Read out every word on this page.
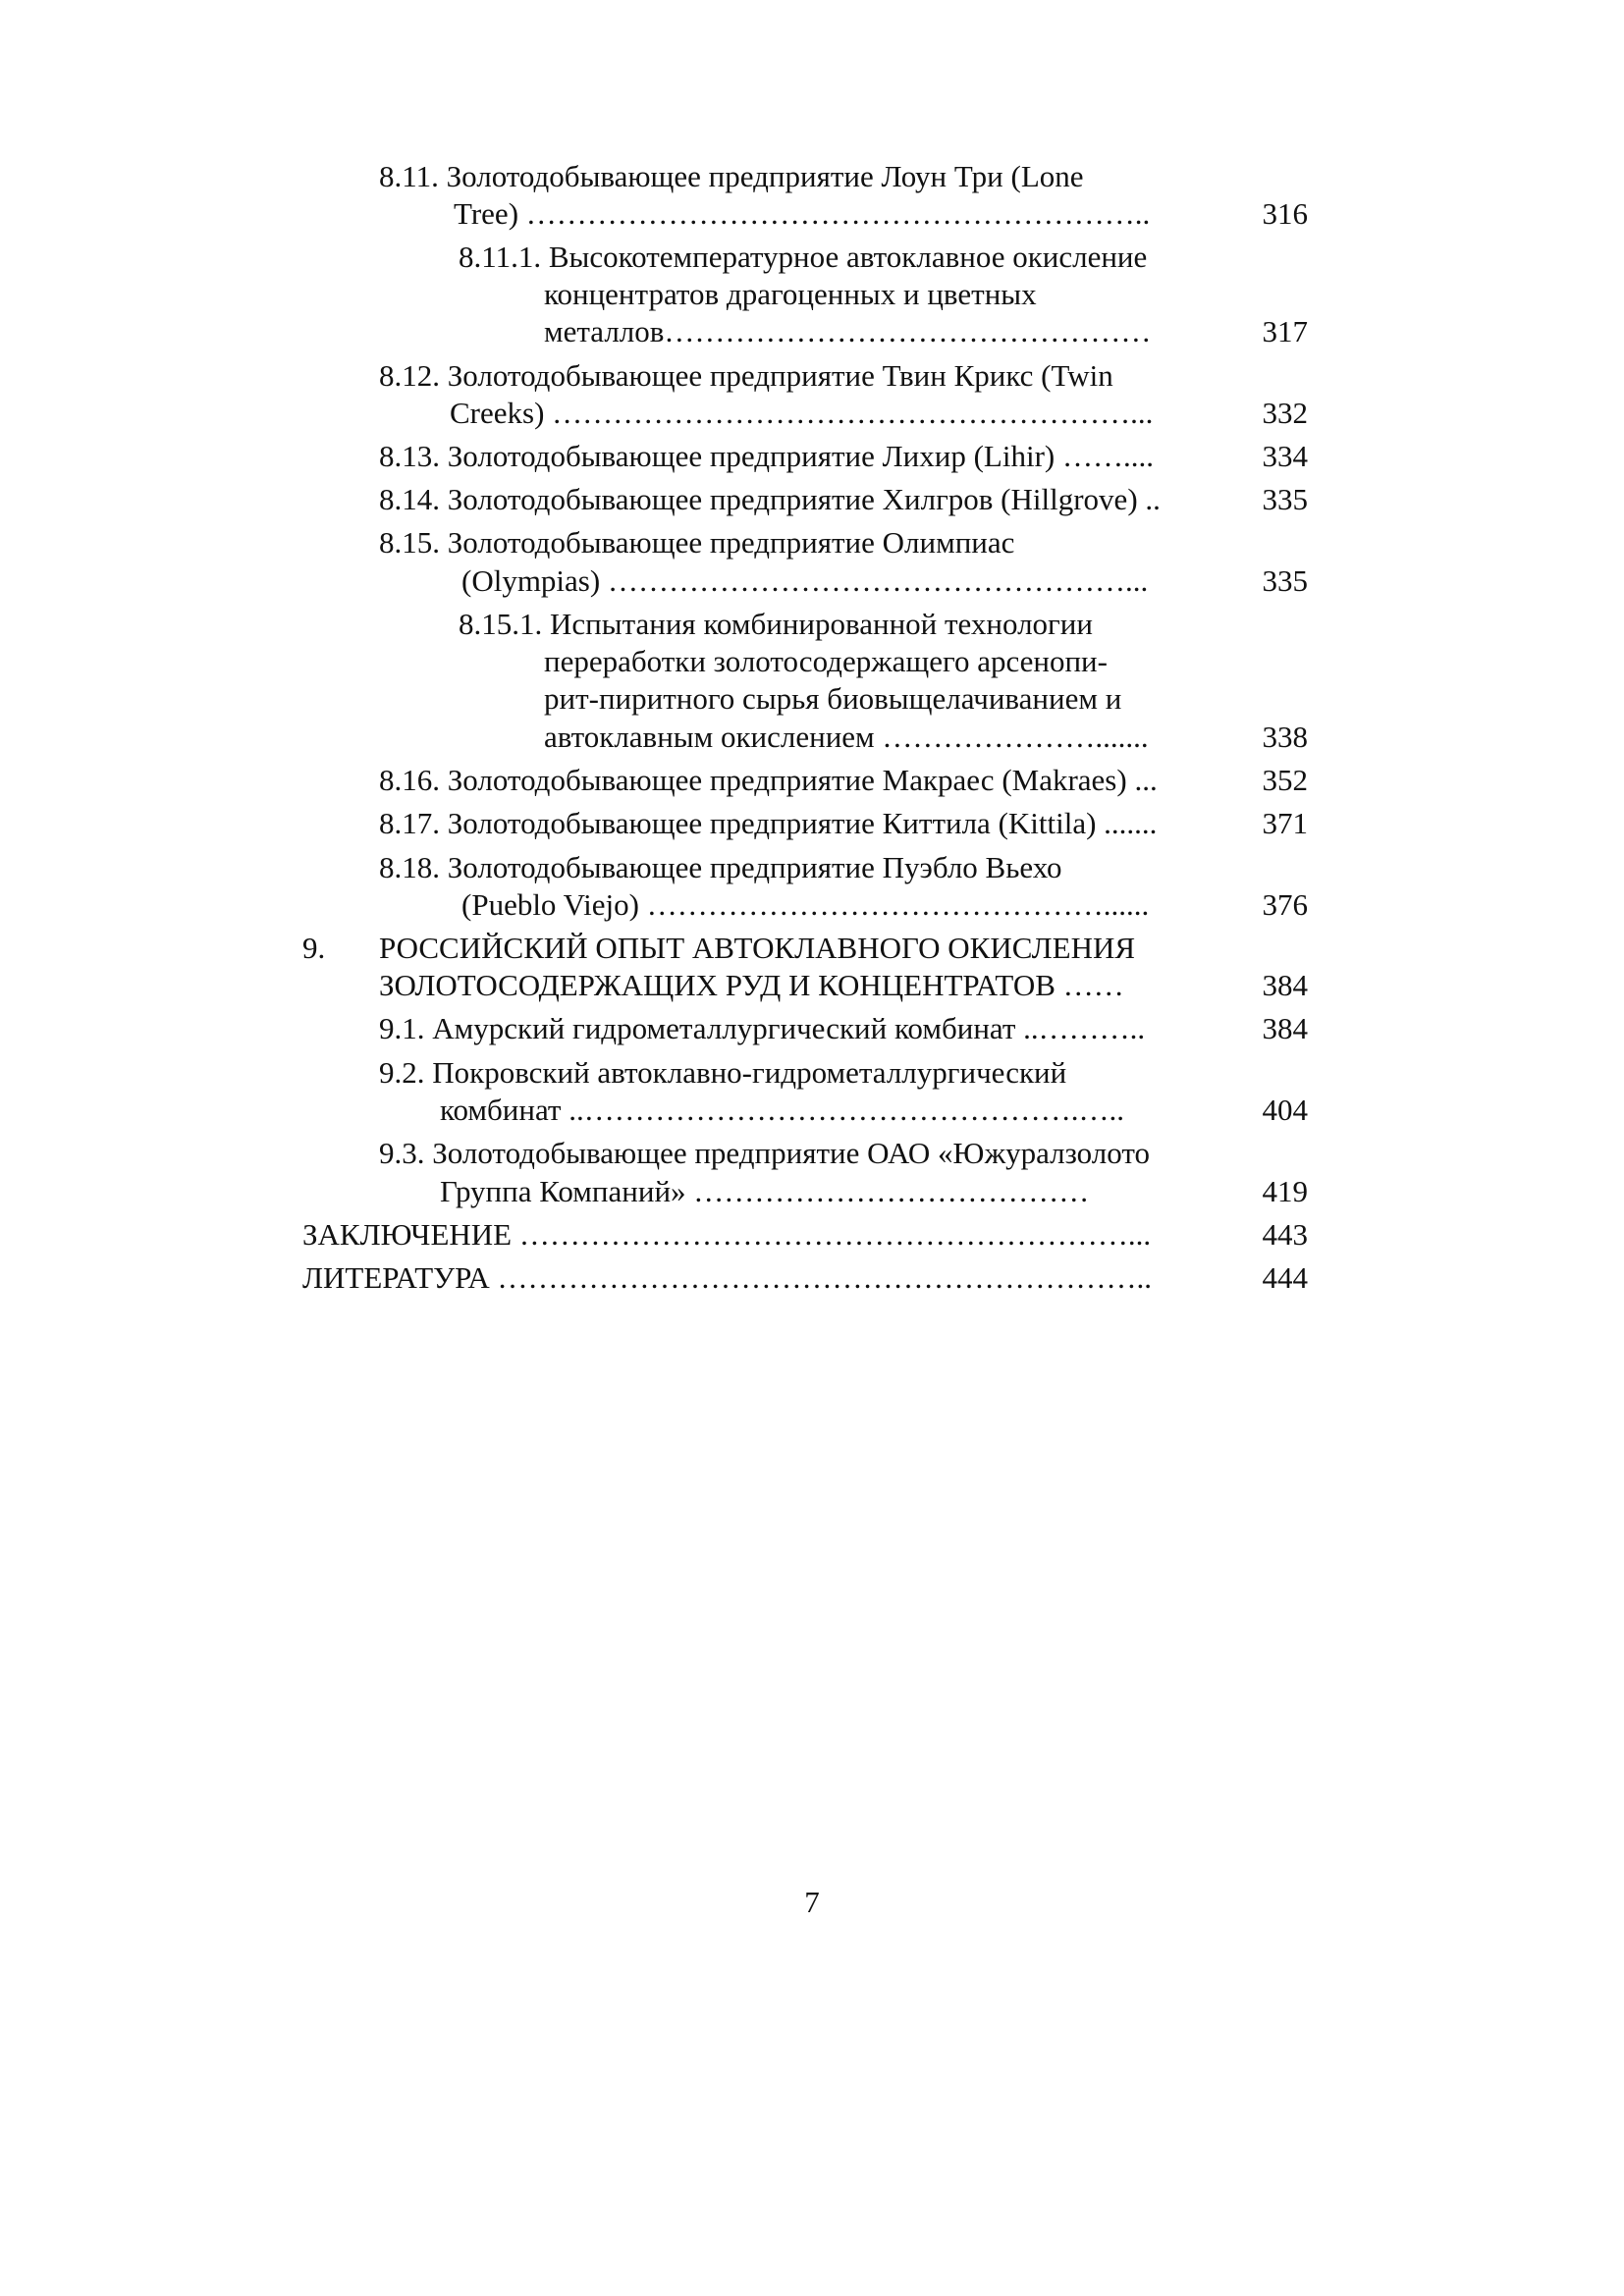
8.11. Золотодобывающее предприятие Лоун Три (Lone
Tree) ……………………………………………………..	316
8.11.1. Высокотемпературное автоклавное окисление
концентратов драгоценных и цветных
металлов…………………………………………	317
8.12. Золотодобывающее предприятие Твин Крикс (Twin
Creeks) …………………………………………………...	332
8.13. Золотодобывающее предприятие Лихир (Lihir) ……....	334
8.14. Золотодобывающее предприятие Хилгров (Hillgrove) ..	335
8.15. Золотодобывающее предприятие Олимпиас
(Olympias) ……………………………………………...	335
8.15.1. Испытания комбинированной технологии
переработки золотосодержащего арсенопи-
рит-пиритного сырья биовыщелачиванием и
автоклавным окислением ………………….......	338
8.16. Золотодобывающее предприятие Макраес (Makraes) ...	352
8.17. Золотодобывающее предприятие Киттила (Kittila) .......	371
8.18. Золотодобывающее предприятие Пуэбло Вьехо
(Pueblo Viejo) ………………………………………......	376
9. РОССИЙСКИЙ ОПЫТ АВТОКЛАВНОГО ОКИСЛЕНИЯ
ЗОЛОТОСОДЕРЖАЩИХ РУД И КОНЦЕНТРАТОВ ……	384
9.1. Амурский гидрометаллургический комбинат ..………..	384
9.2. Покровский автоклавно-гидрометаллургический
комбинат ..………………………………………….…..	404
9.3. Золотодобывающее предприятие ОАО «Южуралзолото
Группа Компаний» …………………………………	419
ЗАКЛЮЧЕНИЕ ……………………………………………………...	443
ЛИТЕРАТУРА ………………………………………………………..	444
7
